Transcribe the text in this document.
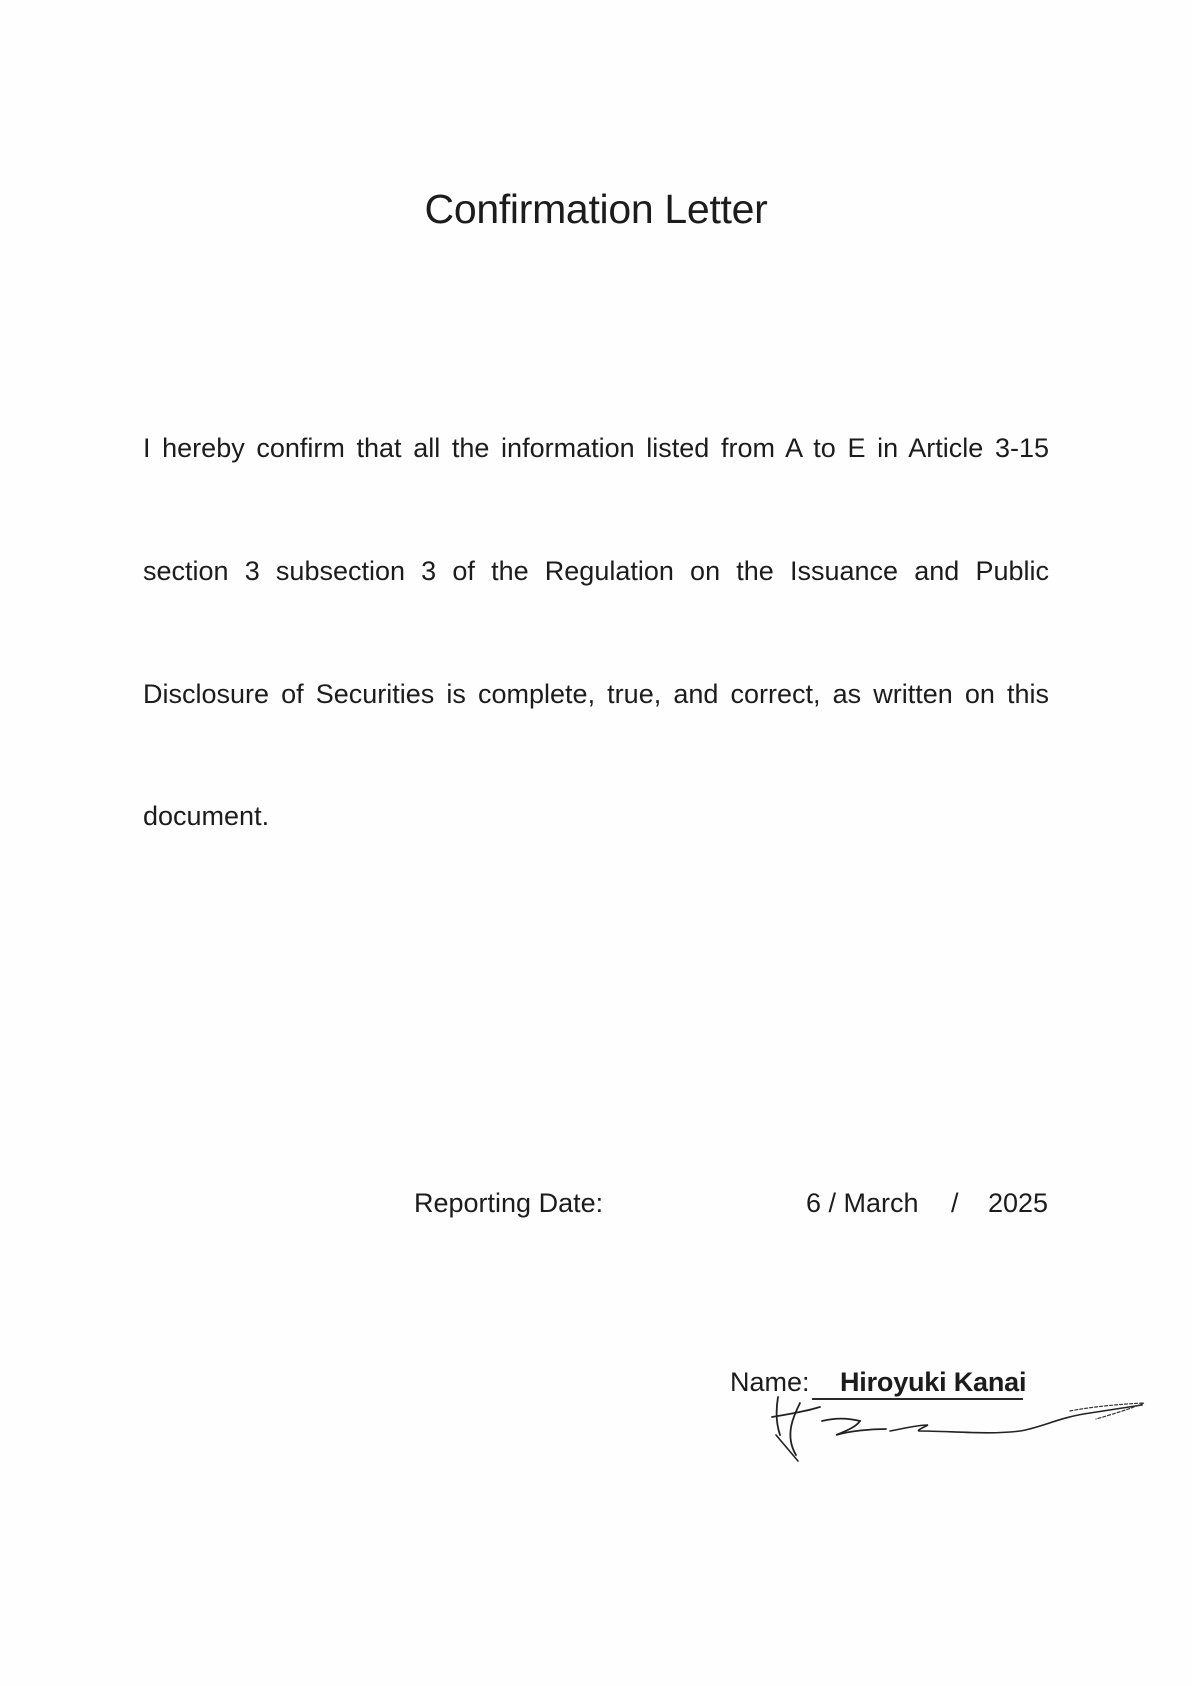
Confirmation Letter
I hereby confirm that all the information listed from A to E in Article 3-15
section 3 subsection 3 of the Regulation on the Issuance and Public
Disclosure of Securities is complete, true, and correct, as written on this
document.
Reporting Date:	6 / March / 2025
Name: Hiroyuki Kanai
